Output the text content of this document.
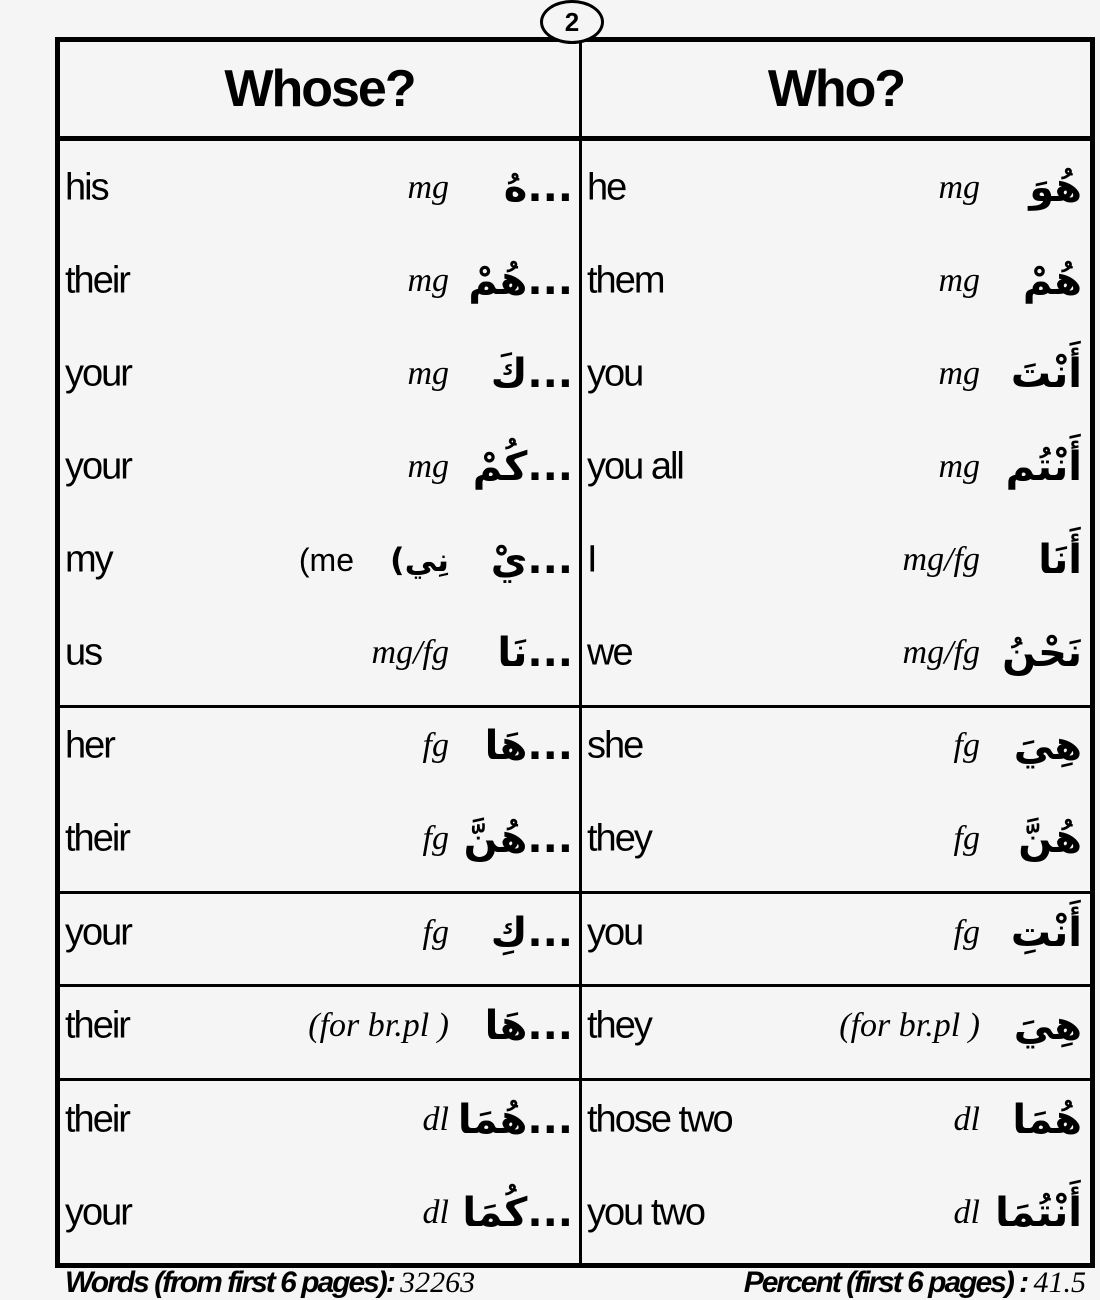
2
Whose?	Who?
his	mg ...هُ he	mg هُوَ
their	mg ...هُمْ them	mg هُمْ
your	mg ...كَ you	mg أَنْتَ
your	mg ...كُمْ you all	mg أَنْتُم
my	(me (نِي ...يْ I	mg/fg أَنَا
us	mg/fg ...نَا we	mg/fg نَحْنُ
her	fg ...هَا she	fg هِيَ
their	fg ...هُنَّ they	fg هُنَّ
your	fg ...كِ you	fg أَنْتِ
their	(for br.pl ) ...هَا they	(for br.pl ) هِيَ
their	dl ...هُمَا those two	dl هُمَا
your	dl ...كُمَا you two	dl أَنْتُمَا
Words (from first 6 pages): 32263	Percent (first 6 pages) : 41.5
